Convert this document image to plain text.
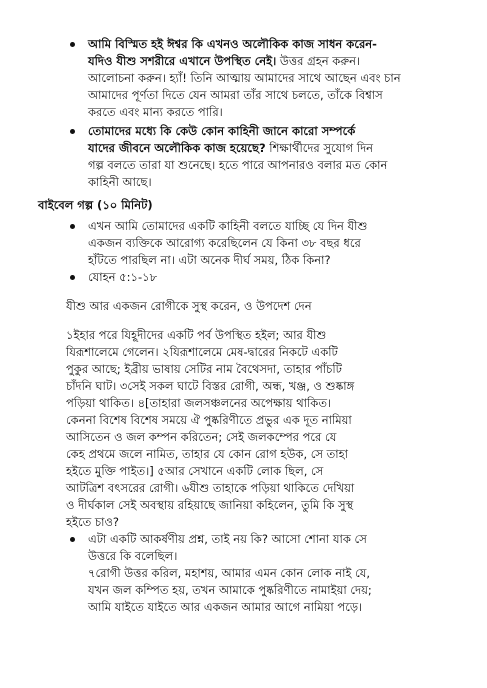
আমি বিস্মিত হই ঈশ্বর কি এখনও অলৌকিক কাজ সাধন করেন-
যদিও যীশু সশরীরে এখানে উপস্থিত নেই। উত্তর গ্রহন করুন।
আলোচনা করুন। হ্যাঁ! তিনি আত্মায় আমাদের সাথে আছেন এবং চান
আমাদের পূর্ণতা দিতে যেন আমরা তাঁর সাথে চলতে, তাঁকে বিশ্বাস
করতে এবং মান্য করতে পারি।
তোমাদের মধ্যে কি কেউ কোন কাহিনী জানে কারো সম্পর্কে
যাদের জীবনে অলৌকিক কাজ হয়েছে? শিক্ষার্থীদের সুযোগ দিন
গল্প বলতে তারা যা শুনেছে। হতে পারে আপনারও বলার মত কোন
কাহিনী আছে।
বাইবেল গল্প (১০ মিনিট)
এখন আমি তোমাদের একটি কাহিনী বলতে যাচ্ছি যে দিন যীশু
একজন ব্যক্তিকে আরোগ্য করেছিলেন যে কিনা ৩৮ বছর ধরে
হাঁটতে পারছিল না। এটা অনেক দীর্ঘ সময়, ঠিক কিনা?
যোহন ৫:১-১৮
যীশু আর একজন রোগীকে সুস্থ করেন, ও উপদেশ দেন
১ইহার পরে যিহূদীদের একটি পর্ব উপস্থিত হইল; আর যীশু
যিরূশালেমে গেলেন। ২যিরূশালেমে মেষ-দ্বারের নিকটে একটি
পুকুর আছে; ইব্রীয় ভাষায় সেটির নাম বৈথেসদা, তাহার পাঁচটি
চাঁদনি ঘাট। ৩সেই সকল ঘাটে বিস্তর রোগী, অন্ধ, খঞ্জ, ও শুষ্কাঙ্গ
পড়িয়া থাকিত। ৪[তাহারা জলসঞ্চলনের অপেক্ষায় থাকিত।
কেননা বিশেষ বিশেষ সময়ে ঐ পুষ্করিণীতে প্রভুর এক দূত নামিয়া
আসিতেন ও জল কম্পন করিতেন; সেই জলকম্পের পরে যে
কেহ প্রথমে জলে নামিত, তাহার যে কোন রোগ হউক, সে তাহা
হইতে মুক্তি পাইত।] ৫আর সেখানে একটি লোক ছিল, সে
আটত্রিশ বৎসরের রোগী। ৬যীশু তাহাকে পড়িয়া থাকিতে দেখিয়া
ও দীর্ঘকাল সেই অবস্থায় রহিয়াছে জানিয়া কহিলেন, তুমি কি সুস্থ
হইতে চাও?
এটা একটি আকর্ষণীয় প্রশ্ন, তাই নয় কি? আসো শোনা যাক সে
উত্তরে কি বলেছিল।
৭রোগী উত্তর করিল, মহাশয়, আমার এমন কোন লোক নাই যে,
যখন জল কম্পিত হয়, তখন আমাকে পুষ্করিণীতে নামাইয়া দেয়;
আমি যাইতে যাইতে আর একজন আমার আগে নামিয়া পড়ে।
